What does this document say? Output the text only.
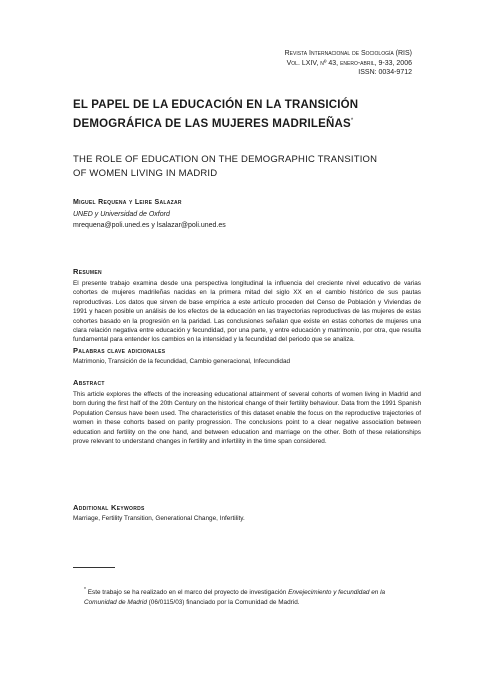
Revista Internacional de Sociología (RIS)
Vol. LXIV, nº 43, enero-abril, 9-33, 2006
ISSN: 0034-9712
EL PAPEL DE LA EDUCACIÓN EN LA TRANSICIÓN
DEMOGRÁFICA DE LAS MUJERES MADRILEÑAS*
THE ROLE OF EDUCATION ON THE DEMOGRAPHIC TRANSITION
OF WOMEN LIVING IN MADRID
Miguel Requena y Leire Salazar
UNED y Universidad de Oxford
mrequena@poli.uned.es y lsalazar@poli.uned.es
Resumen
El presente trabajo examina desde una perspectiva longitudinal la influencia del creciente nivel educativo de varias cohortes de mujeres madrileñas nacidas en la primera mitad del siglo XX en el cambio histórico de sus pautas reproductivas. Los datos que sirven de base empírica a este artículo proceden del Censo de Población y Viviendas de 1991 y hacen posible un análisis de los efectos de la educación en las trayectorias reproductivas de las mujeres de estas cohortes basado en la progresión en la paridad. Las conclusiones señalan que existe en estas cohortes de mujeres una clara relación negativa entre educación y fecundidad, por una parte, y entre educación y matrimonio, por otra, que resulta fundamental para entender los cambios en la intensidad y la fecundidad del periodo que se analiza.
Palabras clave adicionales
Matrimonio, Transición de la fecundidad, Cambio generacional, Infecundidad
Abstract
This article explores the effects of the increasing educational attainment of several cohorts of women living in Madrid and born during the first half of the 20th Century on the historical change of their fertility behaviour. Data from the 1991 Spanish Population Census have been used. The characteristics of this dataset enable the focus on the reproductive trajectories of women in these cohorts based on parity progression. The conclusions point to a clear negative association between education and fertility on the one hand, and between education and marriage on the other. Both of these relationships prove relevant to understand changes in fertility and infertility in the time span considered.
Additional Keywords
Marriage, Fertility Transition, Generational Change, Infertility.
* Este trabajo se ha realizado en el marco del proyecto de investigación Envejecimiento y fecundidad en la Comunidad de Madrid (06/0115/03) financiado por la Comunidad de Madrid.
